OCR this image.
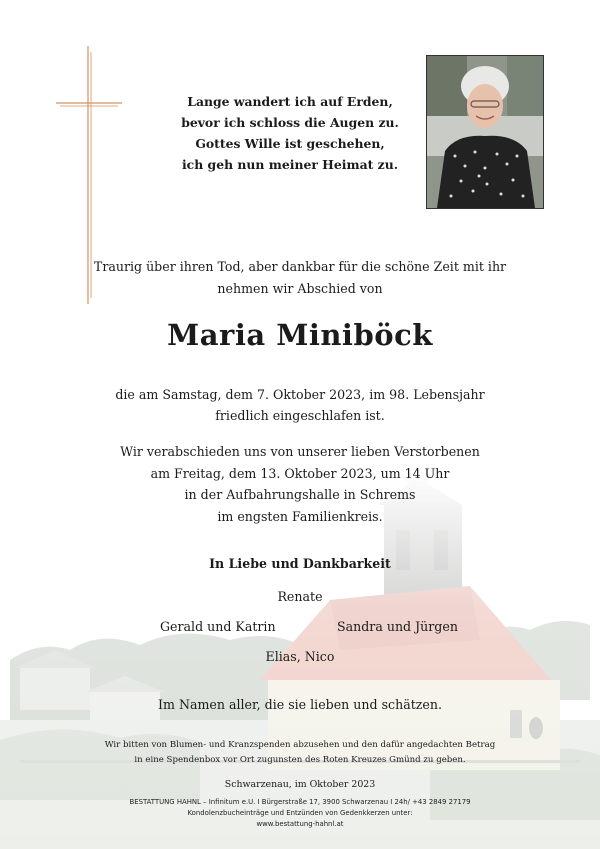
Lange wandert ich auf Erden,
bevor ich schloss die Augen zu.
Gottes Wille ist geschehen,
ich geh nun meiner Heimat zu.
Traurig über ihren Tod, aber dankbar für die schöne Zeit mit ihr
nehmen wir Abschied von
Maria Miniböck
die am Samstag, dem 7. Oktober 2023, im 98. Lebensjahr
friedlich eingeschlafen ist.
Wir verabschieden uns von unserer lieben Verstorbenen
am Freitag, dem 13. Oktober 2023, um 14 Uhr
in der Aufbahrungshalle in Schrems
im engsten Familienkreis.
In Liebe und Dankbarkeit
Renate
Gerald und Katrin	Sandra und Jürgen
Elias, Nico
Im Namen aller, die sie lieben und schätzen.
Wir bitten von Blumen- und Kranzspenden abzusehen und den dafür angedachten Betrag
in eine Spendenbox vor Ort zugunsten des Roten Kreuzes Gmünd zu geben.
Schwarzenau, im Oktober 2023
BESTATTUNG HAHNL – Infinitum e.U. I Bürgerstraße 17, 3900 Schwarzenau I 24h/ +43 2849 27179
Kondolenzbucheinträge und Entzünden von Gedenkkerzen unter:
www.bestattung-hahnl.at
